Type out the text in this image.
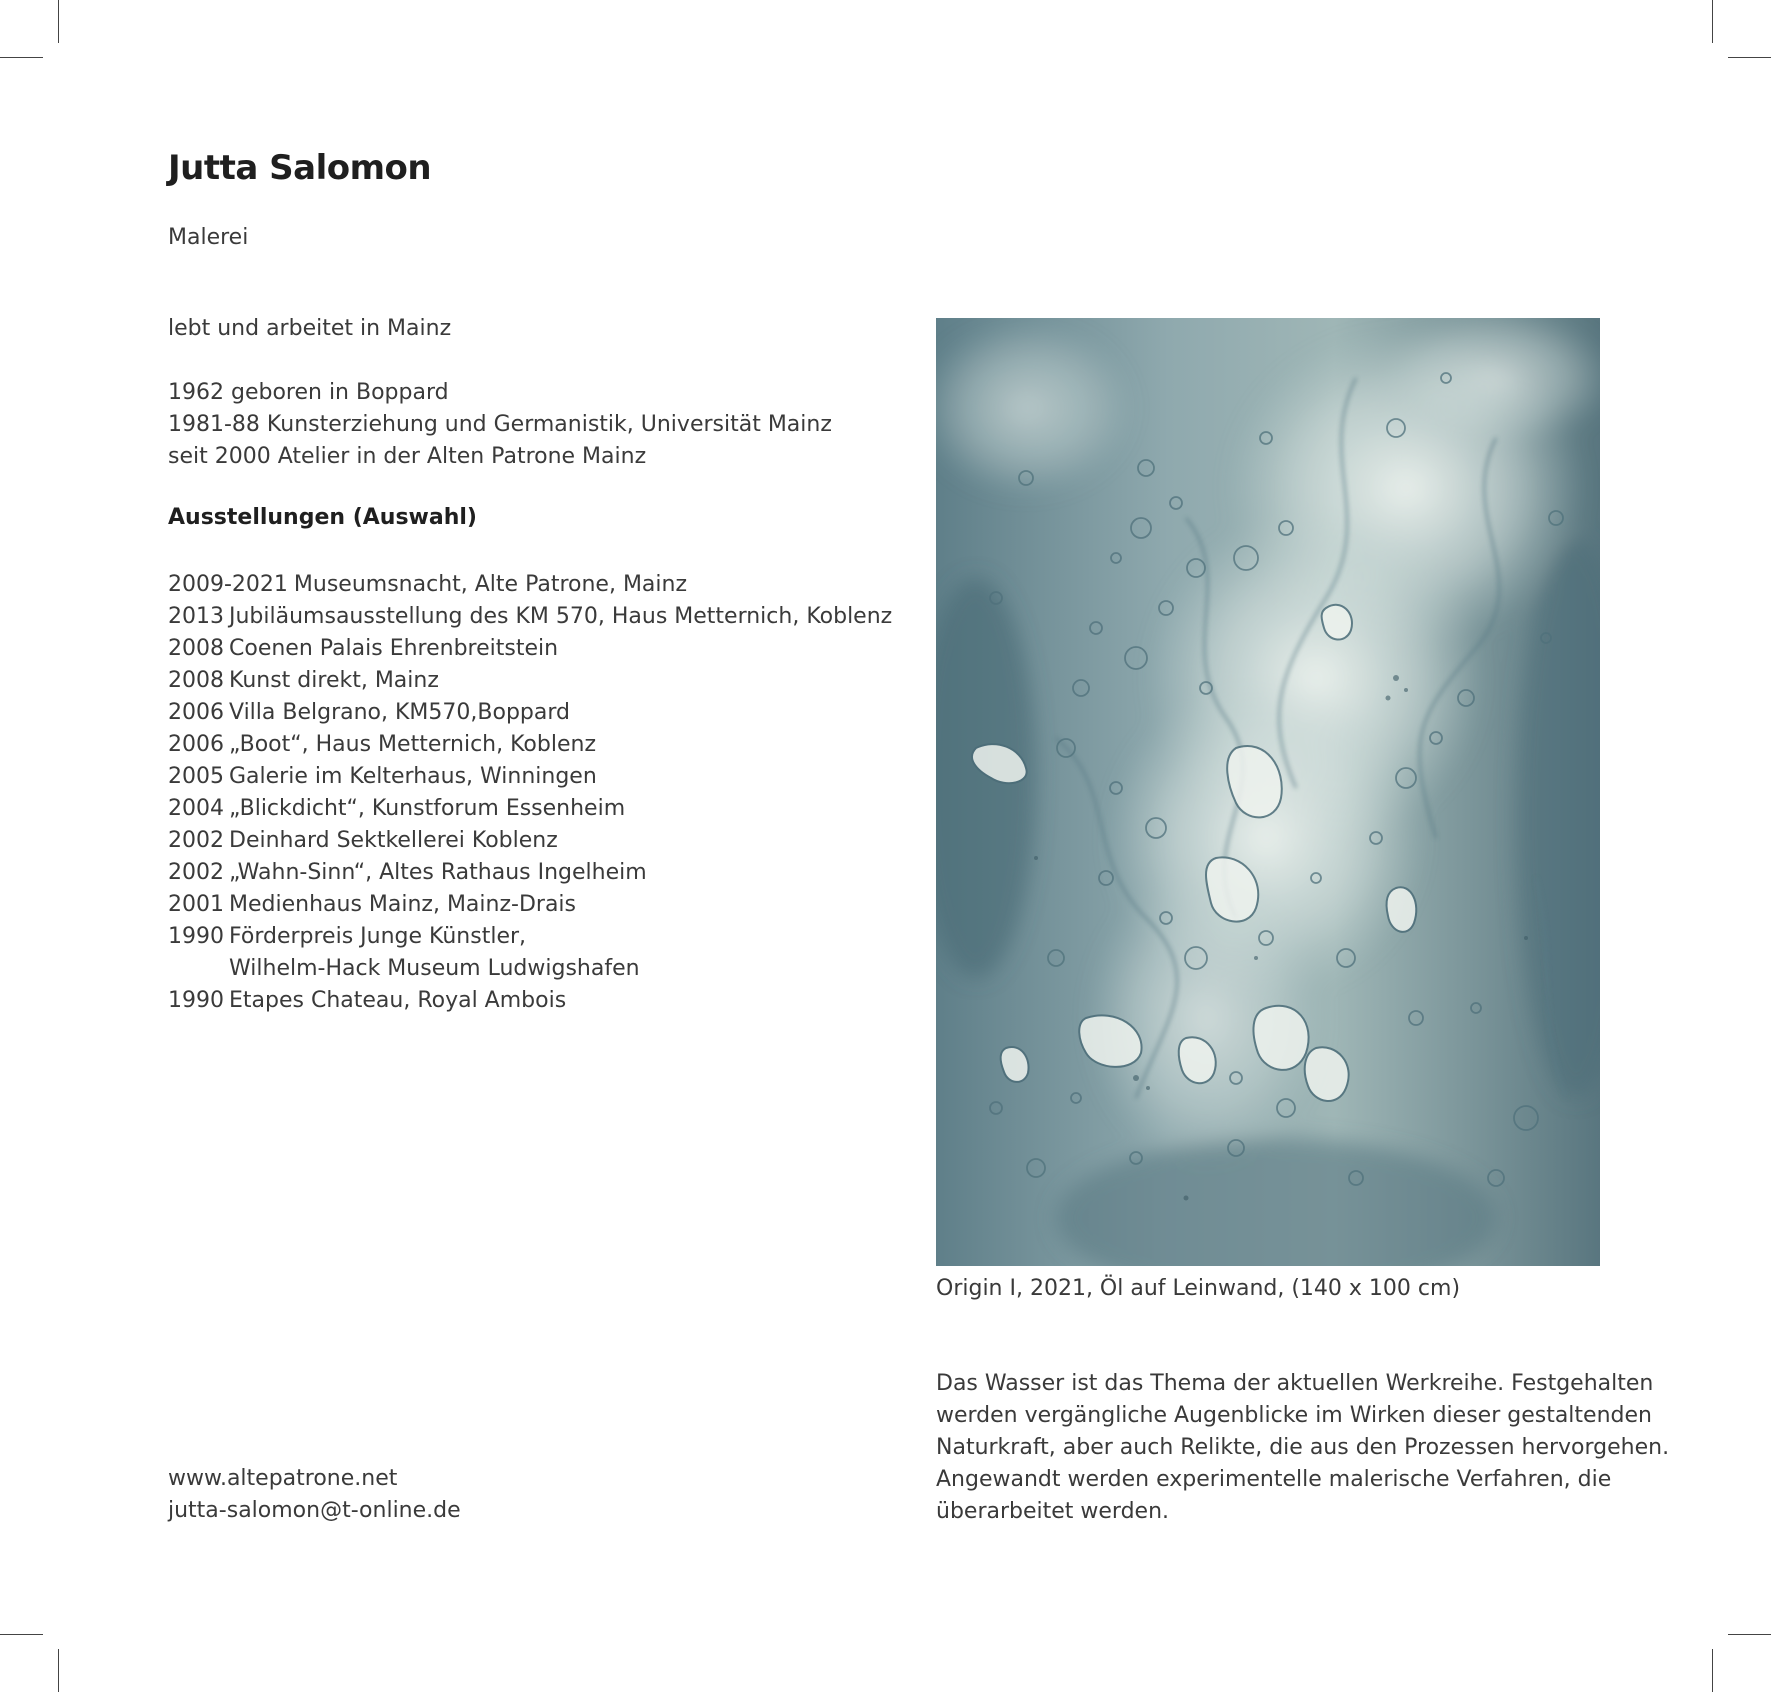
Jutta Salomon

Malerei

lebt und arbeitet in Mainz

1962 geboren in Boppard
1981-88 Kunsterziehung und Germanistik, Universität Mainz
seit 2000 Atelier in der Alten Patrone Mainz
Ausstellungen (Auswahl)
2009-2021 Museumsnacht, Alte Patrone, Mainz
2013 Jubiläumsausstellung des KM 570, Haus Metternich, Koblenz
2008 Coenen Palais Ehrenbreitstein
2008 Kunst direkt, Mainz
2006 Villa Belgrano, KM570,Boppard
2006 „Boot“, Haus Metternich, Koblenz
2005 Galerie im Kelterhaus, Winningen
2004 „Blickdicht“, Kunstforum Essenheim
2002 Deinhard Sektkellerei Koblenz
2002 „Wahn-Sinn“, Altes Rathaus Ingelheim
2001 Medienhaus Mainz, Mainz-Drais
1990 Förderpreis Junge Künstler,
Wilhelm-Hack Museum Ludwigshafen
1990 Etapes Chateau, Royal Ambois
www.altepatrone.net
jutta-salomon@t-online.de

Origin I, 2021, Öl auf Leinwand, (140 x 100 cm)

Das Wasser ist das Thema der aktuellen Werkreihe. Festgehalten
werden vergängliche Augenblicke im Wirken dieser gestaltenden
Naturkraft, aber auch Relikte, die aus den Prozessen hervorgehen.
Angewandt werden experimentelle malerische Verfahren, die
überarbeitet werden.
